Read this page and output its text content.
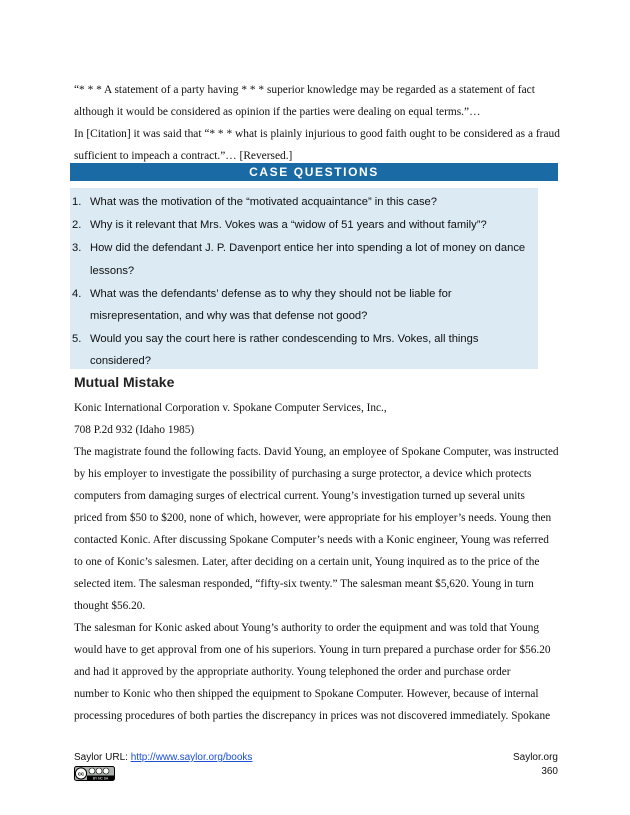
“* * * A statement of a party having * * * superior knowledge may be regarded as a statement of fact
although it would be considered as opinion if the parties were dealing on equal terms.”…
In [Citation] it was said that “* * * what is plainly injurious to good faith ought to be considered as a fraud
sufficient to impeach a contract.”… [Reversed.]
CASE QUESTIONS
1. What was the motivation of the “motivated acquaintance” in this case?
2. Why is it relevant that Mrs. Vokes was a “widow of 51 years and without family”?
3. How did the defendant J. P. Davenport entice her into spending a lot of money on dance
lessons?
4. What was the defendants’ defense as to why they should not be liable for
misrepresentation, and why was that defense not good?
5. Would you say the court here is rather condescending to Mrs. Vokes, all things
considered?
Mutual Mistake
Konic International Corporation v. Spokane Computer Services, Inc.,
708 P.2d 932 (Idaho 1985)
The magistrate found the following facts. David Young, an employee of Spokane Computer, was instructed
by his employer to investigate the possibility of purchasing a surge protector, a device which protects
computers from damaging surges of electrical current. Young’s investigation turned up several units
priced from $50 to $200, none of which, however, were appropriate for his employer’s needs. Young then
contacted Konic. After discussing Spokane Computer’s needs with a Konic engineer, Young was referred
to one of Konic’s salesmen. Later, after deciding on a certain unit, Young inquired as to the price of the
selected item. The salesman responded, “fifty-six twenty.” The salesman meant $5,620. Young in turn
thought $56.20.
The salesman for Konic asked about Young’s authority to order the equipment and was told that Young
would have to get approval from one of his superiors. Young in turn prepared a purchase order for $56.20
and had it approved by the appropriate authority. Young telephoned the order and purchase order
number to Konic who then shipped the equipment to Spokane Computer. However, because of internal
processing procedures of both parties the discrepancy in prices was not discovered immediately. Spokane
Saylor URL: http://www.saylor.org/books	Saylor.org
360
cc
BY NC SA
